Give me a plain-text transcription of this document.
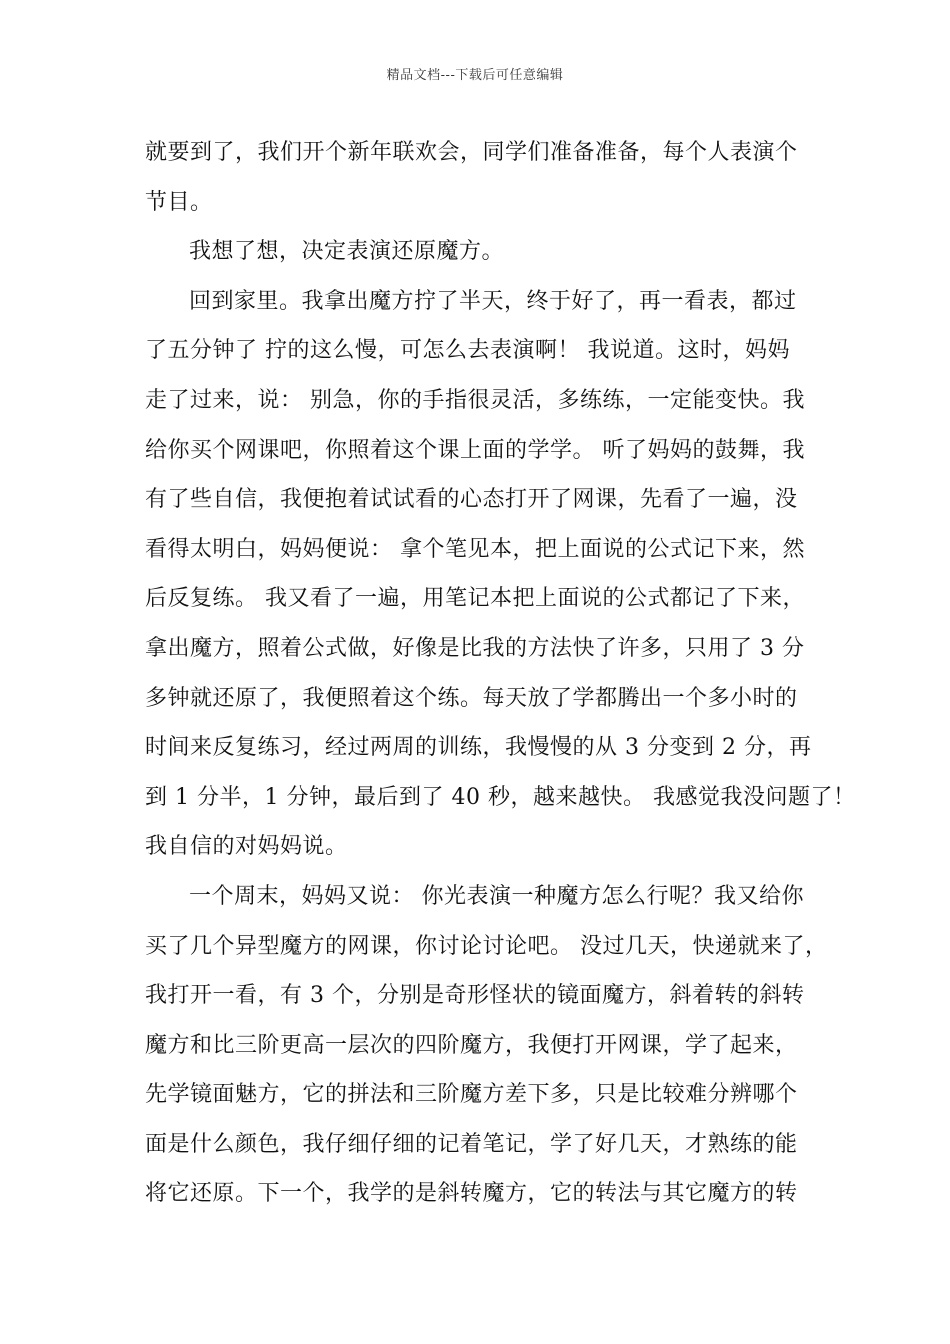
精品文档---下载后可任意编辑
就要到了，我们开个新年联欢会，同学们准备准备，每个人表演个
节目。
我想了想，决定表演还原魔方。
回到家里。我拿出魔方拧了半天，终于好了，再一看表，都过
了五分钟了 拧的这么慢，可怎么去表演啊！ 我说道。这时，妈妈
走了过来，说： 别急，你的手指很灵活，多练练，一定能变快。我
给你买个网课吧，你照着这个课上面的学学。 听了妈妈的鼓舞，我
有了些自信，我便抱着试试看的心态打开了网课，先看了一遍，没
看得太明白，妈妈便说： 拿个笔见本，把上面说的公式记下来，然
后反复练。 我又看了一遍，用笔记本把上面说的公式都记了下来，
拿出魔方，照着公式做，好像是比我的方法快了许多，只用了 3 分
多钟就还原了，我便照着这个练。每天放了学都腾出一个多小时的
时间来反复练习，经过两周的训练，我慢慢的从 3 分变到 2 分，再
到 1 分半，1 分钟，最后到了 40 秒，越来越快。 我感觉我没问题了！
我自信的对妈妈说。
一个周末，妈妈又说： 你光表演一种魔方怎么行呢？我又给你
买了几个异型魔方的网课，你讨论讨论吧。 没过几天，快递就来了，
我打开一看，有 3 个，分别是奇形怪状的镜面魔方，斜着转的斜转
魔方和比三阶更高一层次的四阶魔方，我便打开网课，学了起来，
先学镜面魅方，它的拼法和三阶魔方差下多，只是比较难分辨哪个
面是什么颜色，我仔细仔细的记着笔记，学了好几天，才熟练的能
将它还原。下一个，我学的是斜转魔方，它的转法与其它魔方的转
